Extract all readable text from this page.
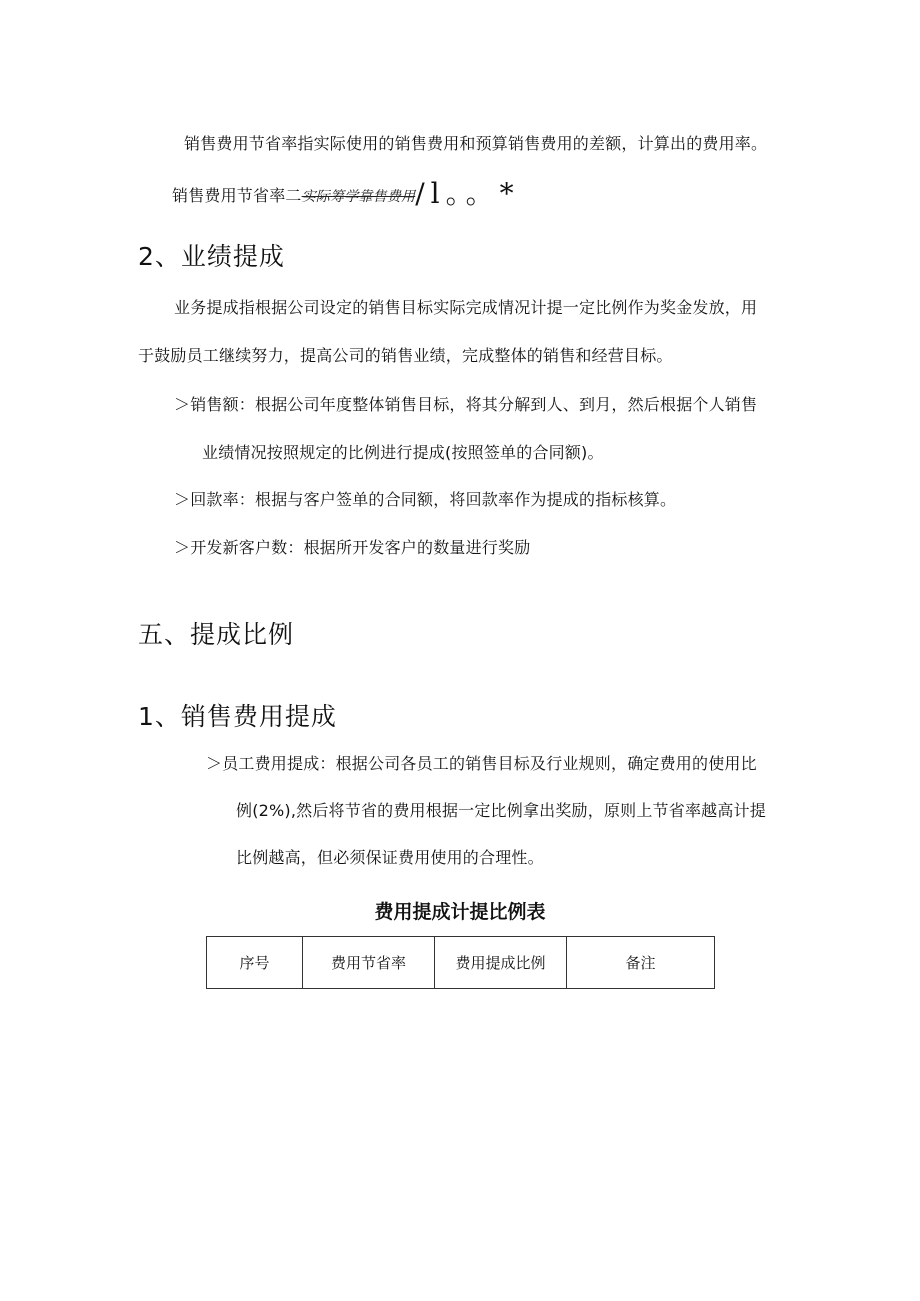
销售费用节省率指实际使用的销售费用和预算销售费用的差额，计算出的费用率。
销售费用节省率二实际筹学靠售费用/l。。*
2、业绩提成
业务提成指根据公司设定的销售目标实际完成情况计提一定比例作为奖金发放，用
于鼓励员工继续努力，提高公司的销售业绩，完成整体的销售和经营目标。
＞销售额：根据公司年度整体销售目标，将其分解到人、到月，然后根据个人销售
业绩情况按照规定的比例进行提成(按照签单的合同额)。
＞回款率：根据与客户签单的合同额，将回款率作为提成的指标核算。
＞开发新客户数：根据所开发客户的数量进行奖励
五、提成比例
1、销售费用提成
＞员工费用提成：根据公司各员工的销售目标及行业规则，确定费用的使用比
例(2%),然后将节省的费用根据一定比例拿出奖励，原则上节省率越高计提
比例越高，但必须保证费用使用的合理性。
费用提成计提比例表
序号	费用节省率	费用提成比例	备注
